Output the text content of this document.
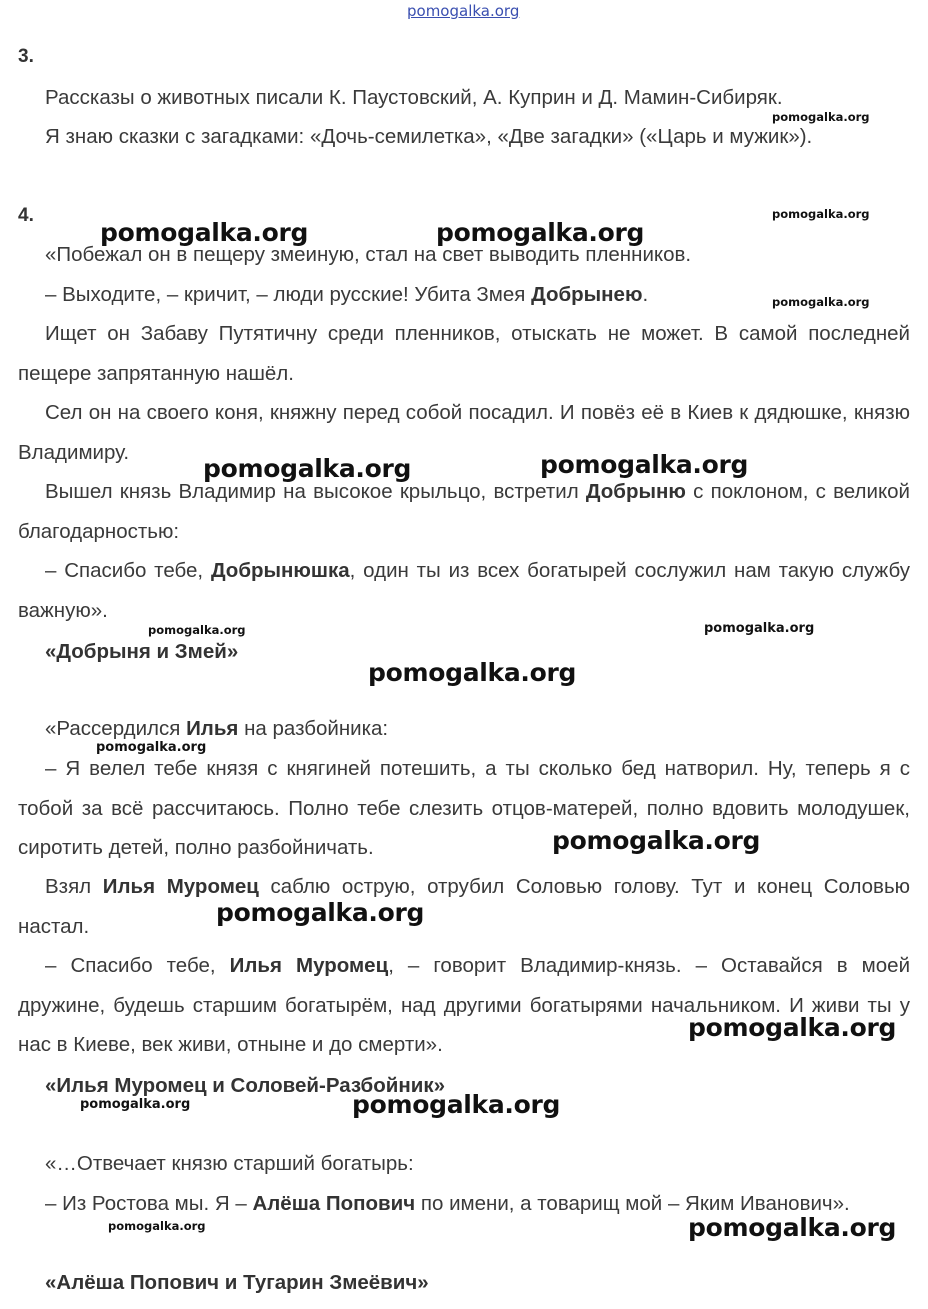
pomogalka.org
3.

Рассказы о животных писали К. Паустовский, А. Куприн и Д. Мамин-Сибиряк.

Я знаю сказки с загадками: «Дочь-семилетка», «Две загадки» («Царь и мужик»).

4.

«Побежал он в пещеру змеиную, стал на свет выводить пленников.

– Выходите, – кричит, – люди русские! Убита Змея Добрынею.

Ищет он Забаву Путятичну среди пленников, отыскать не может. В самой последней пещере запрятанную нашёл.

Сел он на своего коня, княжну перед собой посадил. И повёз её в Киев к дядюшке, князю Владимиру.

Вышел князь Владимир на высокое крыльцо, встретил Добрыню с поклоном, с великой благодарностью:

– Спасибо тебе, Добрынюшка, один ты из всех богатырей сослужил нам такую службу важную».

«Добрыня и Змей»

«Рассердился Илья на разбойника:

– Я велел тебе князя с княгиней потешить, а ты сколько бед натворил. Ну, теперь я с тобой за всё рассчитаюсь. Полно тебе слезить отцов-матерей, полно вдовить молодушек, сиротить детей, полно разбойничать.

Взял Илья Муромец саблю острую, отрубил Соловью голову. Тут и конец Соловью настал.

– Спасибо тебе, Илья Муромец, – говорит Владимир-князь. – Оставайся в моей дружине, будешь старшим богатырём, над другими богатырями начальником. И живи ты у нас в Киеве, век живи, отныне и до смерти».

«Илья Муромец и Соловей-Разбойник»

«…Отвечает князю старший богатырь:

– Из Ростова мы. Я – Алёша Попович по имени, а товарищ мой – Яким Иванович».

«Алёша Попович и Тугарин Змеёвич»
pomogalka.org
pomogalka.org
pomogalka.org	pomogalka.org
pomogalka.org
pomogalka.org	pomogalka.org
pomogalka.org	pomogalka.org
pomogalka.org
pomogalka.org
pomogalka.org
pomogalka.org
pomogalka.org
pomogalka.org	pomogalka.org
pomogalka.org	pomogalka.org
